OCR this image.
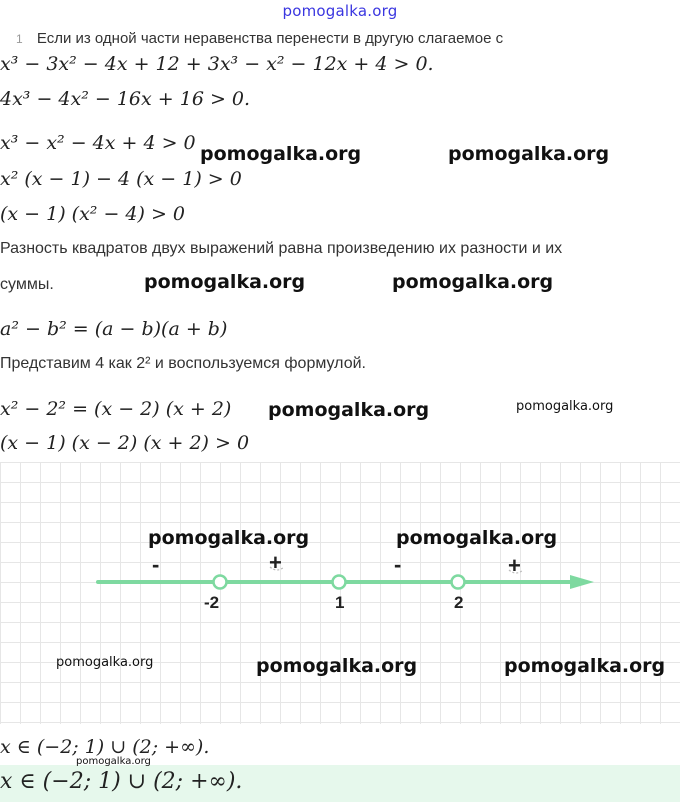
pomogalka.org
1 Если из одной части неравенства перенести в другую слагаемое с
x³ − 3x² − 4x + 12 + 3x³ − x² − 12x + 4 > 0.
4x³ − 4x² − 16x + 16 > 0.
x³ − x² − 4x + 4 > 0
x² (x − 1) − 4 (x − 1) > 0
(x − 1) (x² − 4) > 0
Разность квадратов двух выражений равна произведению их разности и их
суммы.
a² − b² = (a − b)(a + b)
Представим 4 как 2² и воспользуемся формулой.
x² − 2² = (x − 2) (x + 2)
(x − 1) (x − 2) (x + 2) > 0
-	+	-	+
-2	1	2
x ∈ (−2; 1) ∪ (2; +∞).
x ∈ (−2; 1) ∪ (2; +∞).
pomogalka.org	pomogalka.org
pomogalka.org	pomogalka.org
pomogalka.org	pomogalka.org
pomogalka.org	pomogalka.org
pomogalka.org	pomogalka.org	pomogalka.org
pomogalka.org
